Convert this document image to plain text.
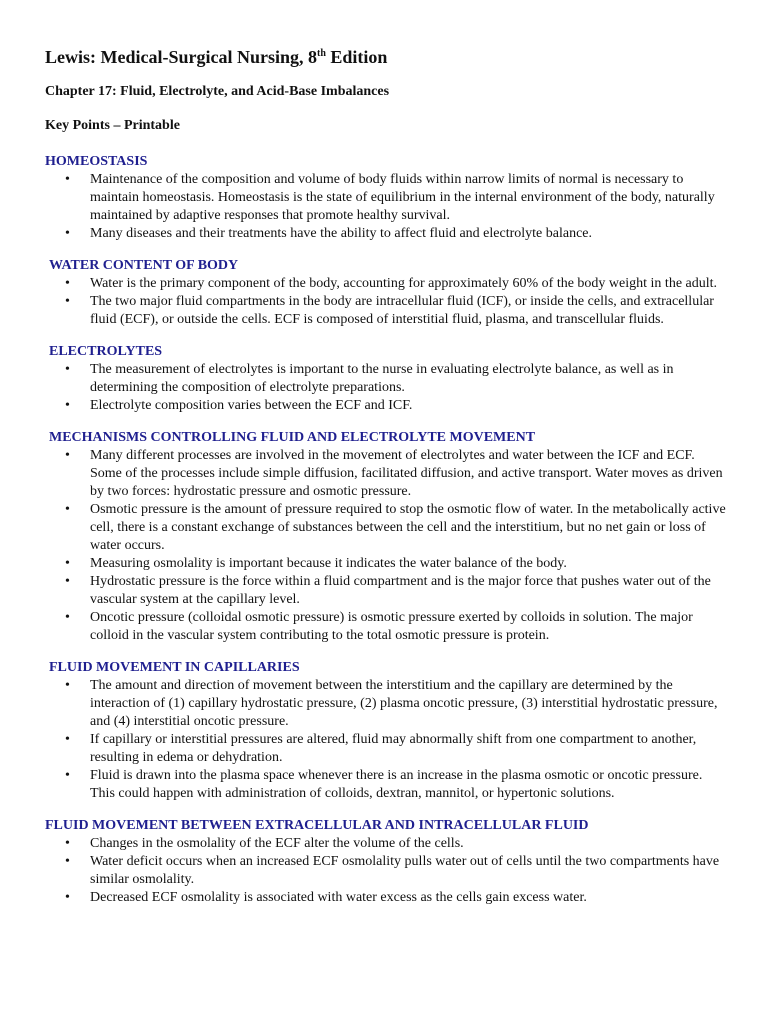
Lewis: Medical-Surgical Nursing, 8th Edition

Chapter 17: Fluid, Electrolyte, and Acid-Base Imbalances

Key Points – Printable

HOMEOSTASIS
• Maintenance of the composition and volume of body fluids within narrow limits of normal is necessary to maintain homeostasis. Homeostasis is the state of equilibrium in the internal environment of the body, naturally maintained by adaptive responses that promote healthy survival.
• Many diseases and their treatments have the ability to affect fluid and electrolyte balance.
WATER CONTENT OF BODY
• Water is the primary component of the body, accounting for approximately 60% of the body weight in the adult.
• The two major fluid compartments in the body are intracellular fluid (ICF), or inside the cells, and extracellular fluid (ECF), or outside the cells. ECF is composed of interstitial fluid, plasma, and transcellular fluids.
ELECTROLYTES
• The measurement of electrolytes is important to the nurse in evaluating electrolyte balance, as well as in determining the composition of electrolyte preparations.
• Electrolyte composition varies between the ECF and ICF.
MECHANISMS CONTROLLING FLUID AND ELECTROLYTE MOVEMENT
• Many different processes are involved in the movement of electrolytes and water between the ICF and ECF. Some of the processes include simple diffusion, facilitated diffusion, and active transport. Water moves as driven by two forces: hydrostatic pressure and osmotic pressure.
• Osmotic pressure is the amount of pressure required to stop the osmotic flow of water. In the metabolically active cell, there is a constant exchange of substances between the cell and the interstitium, but no net gain or loss of water occurs.
• Measuring osmolality is important because it indicates the water balance of the body.
• Hydrostatic pressure is the force within a fluid compartment and is the major force that pushes water out of the vascular system at the capillary level.
• Oncotic pressure (colloidal osmotic pressure) is osmotic pressure exerted by colloids in solution. The major colloid in the vascular system contributing to the total osmotic pressure is protein.
FLUID MOVEMENT IN CAPILLARIES
• The amount and direction of movement between the interstitium and the capillary are determined by the interaction of (1) capillary hydrostatic pressure, (2) plasma oncotic pressure, (3) interstitial hydrostatic pressure, and (4) interstitial oncotic pressure.
• If capillary or interstitial pressures are altered, fluid may abnormally shift from one compartment to another, resulting in edema or dehydration.
• Fluid is drawn into the plasma space whenever there is an increase in the plasma osmotic or oncotic pressure. This could happen with administration of colloids, dextran, mannitol, or hypertonic solutions.
FLUID MOVEMENT BETWEEN EXTRACELLULAR AND INTRACELLULAR FLUID
• Changes in the osmolality of the ECF alter the volume of the cells.
• Water deficit occurs when an increased ECF osmolality pulls water out of cells until the two compartments have similar osmolality.
• Decreased ECF osmolality is associated with water excess as the cells gain excess water.
